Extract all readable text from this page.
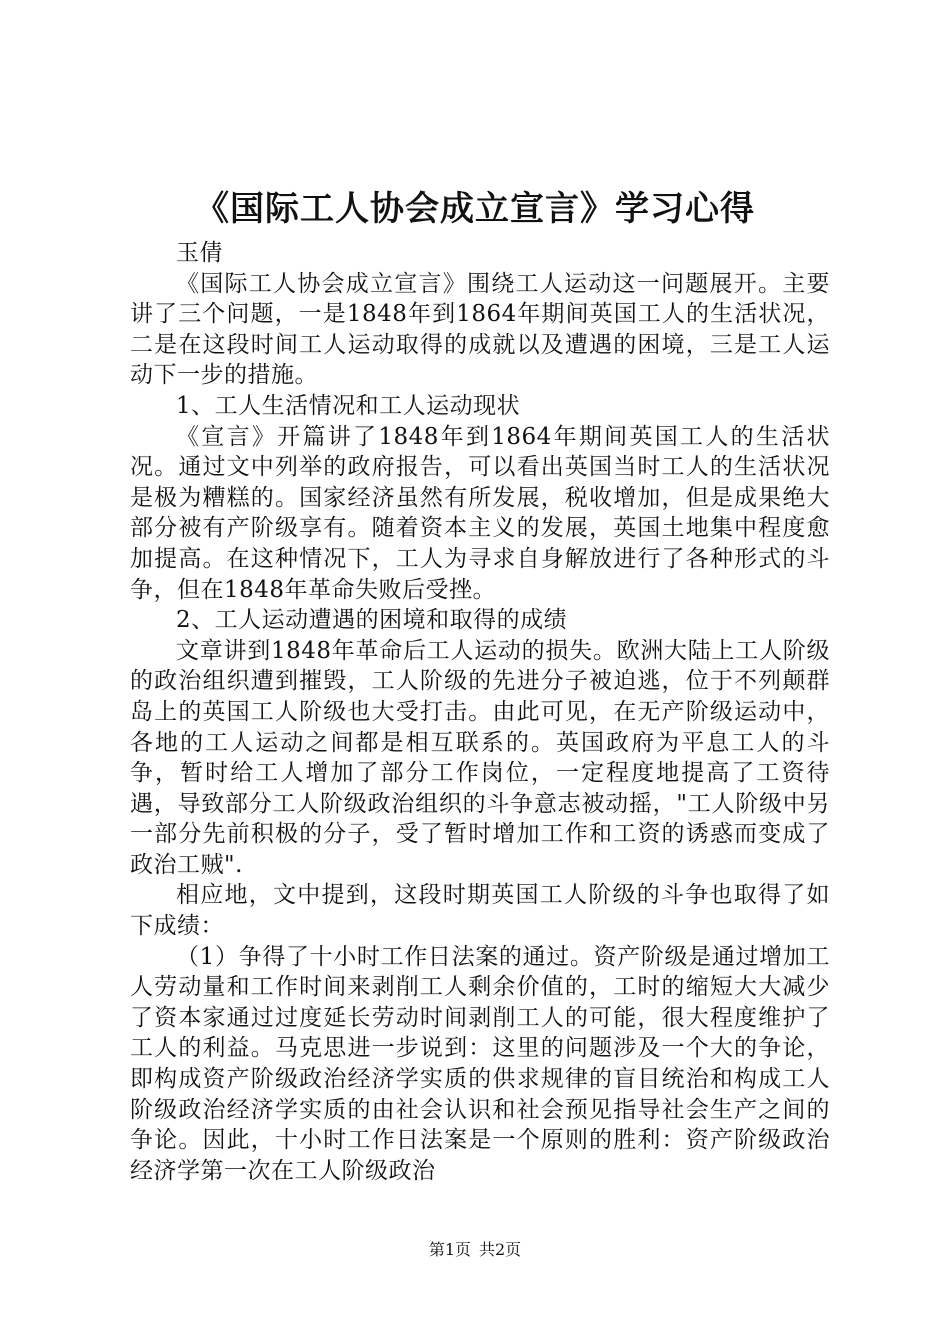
《国际工人协会成立宣言》学习心得

玉倩

《国际工人协会成立宣言》围绕工人运动这一问题展开。主要讲了三个问题，一是1848年到1864年期间英国工人的生活状况，二是在这段时间工人运动取得的成就以及遭遇的困境，三是工人运动下一步的措施。

1、工人生活情况和工人运动现状

《宣言》开篇讲了1848年到1864年期间英国工人的生活状况。通过文中列举的政府报告，可以看出英国当时工人的生活状况是极为糟糕的。国家经济虽然有所发展，税收增加，但是成果绝大部分被有产阶级享有。随着资本主义的发展，英国土地集中程度愈加提高。在这种情况下，工人为寻求自身解放进行了各种形式的斗争，但在1848年革命失败后受挫。

2、工人运动遭遇的困境和取得的成绩

文章讲到1848年革命后工人运动的损失。欧洲大陆上工人阶级的政治组织遭到摧毁，工人阶级的先进分子被迫逃，位于不列颠群岛上的英国工人阶级也大受打击。由此可见，在无产阶级运动中，各地的工人运动之间都是相互联系的。英国政府为平息工人的斗争，暂时给工人增加了部分工作岗位，一定程度地提高了工资待遇，导致部分工人阶级政治组织的斗争意志被动摇，"工人阶级中另一部分先前积极的分子，受了暂时增加工作和工资的诱惑而变成了政治工贼".

相应地，文中提到，这段时期英国工人阶级的斗争也取得了如下成绩：

（1）争得了十小时工作日法案的通过。资产阶级是通过增加工人劳动量和工作时间来剥削工人剩余价值的，工时的缩短大大减少了资本家通过过度延长劳动时间剥削工人的可能，很大程度维护了工人的利益。马克思进一步说到：这里的问题涉及一个大的争论，即构成资产阶级政治经济学实质的供求规律的盲目统治和构成工人阶级政治经济学实质的由社会认识和社会预见指导社会生产之间的争论。因此，十小时工作日法案是一个原则的胜利：资产阶级政治经济学第一次在工人阶级政治

第1页 共2页
